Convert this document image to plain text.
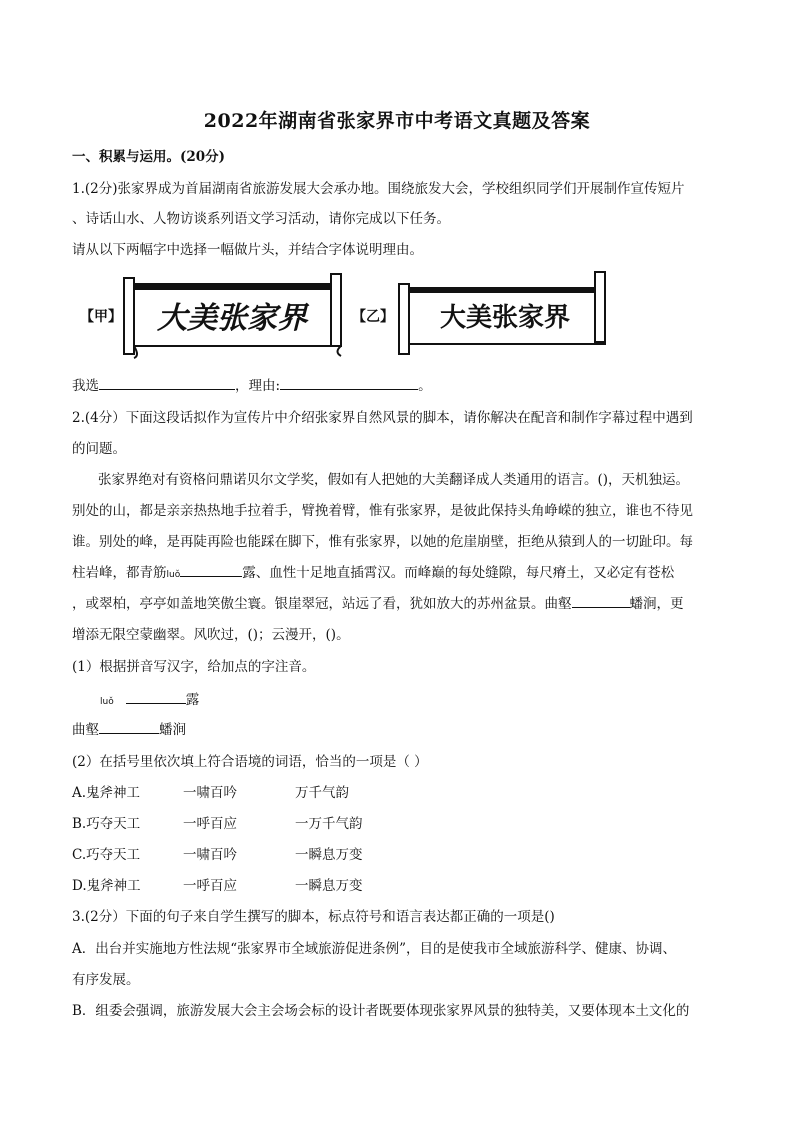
2022年湖南省张家界市中考语文真题及答案
一、积累与运用。(20分)
1.(2分)张家界成为首届湖南省旅游发展大会承办地。围绕旅发大会，学校组织同学们开展制作宣传短片
、诗话山水、人物访谈系列语文学习活动，请你完成以下任务。
请从以下两幅字中选择一幅做片头，并结合字体说明理由。
【甲】 大美张家界	【乙】 大美张家界
我选	，理由:	。
2.(4分）下面这段话拟作为宣传片中介绍张家界自然风景的脚本，请你解决在配音和制作字幕过程中遇到
的问题。
张家界绝对有资格问鼎诺贝尔文学奖，假如有人把她的大美翻译成人类通用的语言。()，天机独运。
别处的山，都是亲亲热热地手拉着手，臂挽着臂，惟有张家界，是彼此保持头角峥嵘的独立，谁也不待见
谁。别处的峰，是再陡再险也能踩在脚下，惟有张家界，以她的危崖崩壁，拒绝从猿到人的一切趾印。每
柱岩峰，都青筋luǒ	露、血性十足地直插霄汉。而峰巅的每处缝隙，每尺瘠土，又必定有苍松
，或翠柏，亭亭如盖地笑傲尘寰。银崖翠冠，站远了看，犹如放大的苏州盆景。曲壑	蟠涧，更
增添无限空蒙幽翠。风吹过，()；云漫开，()。
(1）根据拼音写汉字，给加点的字注音。
luǒ	露
曲壑	蟠涧
(2）在括号里依次填上符合语境的词语，恰当的一项是（ ）
A.鬼斧神工	一啸百吟	万千气韵
B.巧夺天工	一呼百应	一万千气韵
C.巧夺天工	一啸百吟	一瞬息万变
D.鬼斧神工	一呼百应	一瞬息万变
3.(2分）下面的句子来自学生撰写的脚本，标点符号和语言表达都正确的一项是()
A．出台并实施地方性法规“张家界市全域旅游促进条例”，目的是使我市全域旅游科学、健康、协调、
有序发展。
B．组委会强调，旅游发展大会主会场会标的设计者既要体现张家界风景的独特美，又要体现本土文化的
